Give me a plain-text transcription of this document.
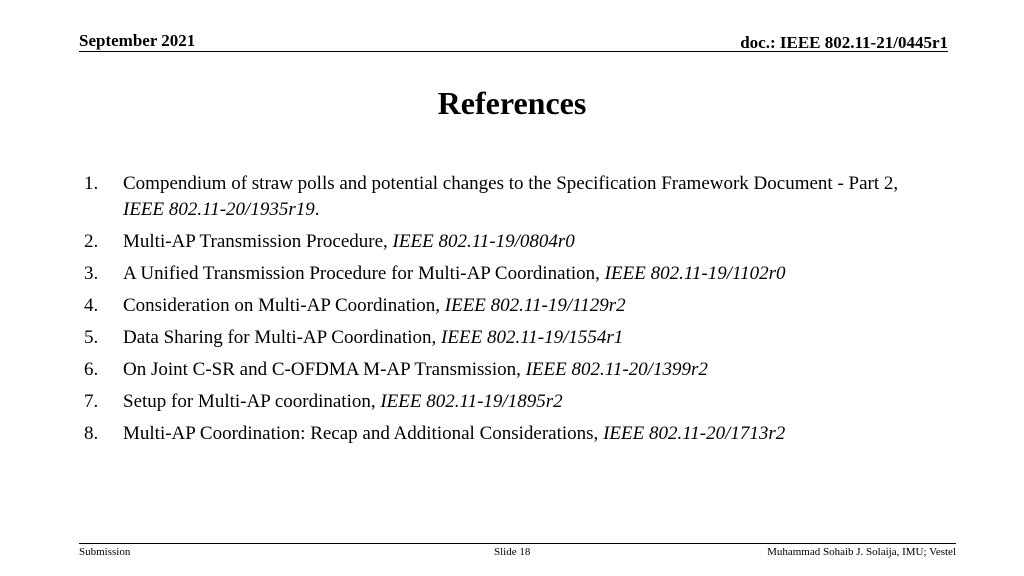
September 2021	doc.: IEEE 802.11-21/0445r1
References
1.	Compendium of straw polls and potential changes to the Specification Framework Document - Part 2, IEEE 802.11-20/1935r19.
2.	Multi-AP Transmission Procedure, IEEE 802.11-19/0804r0
3.	A Unified Transmission Procedure for Multi-AP Coordination, IEEE 802.11-19/1102r0
4.	Consideration on Multi-AP Coordination, IEEE 802.11-19/1129r2
5.	Data Sharing for Multi-AP Coordination, IEEE 802.11-19/1554r1
6.	On Joint C-SR and C-OFDMA M-AP Transmission, IEEE 802.11-20/1399r2
7.	Setup for Multi-AP coordination, IEEE 802.11-19/1895r2
8.	Multi-AP Coordination: Recap and Additional Considerations, IEEE 802.11-20/1713r2
Submission	Slide 18	Muhammad Sohaib J. Solaija, IMU; Vestel
